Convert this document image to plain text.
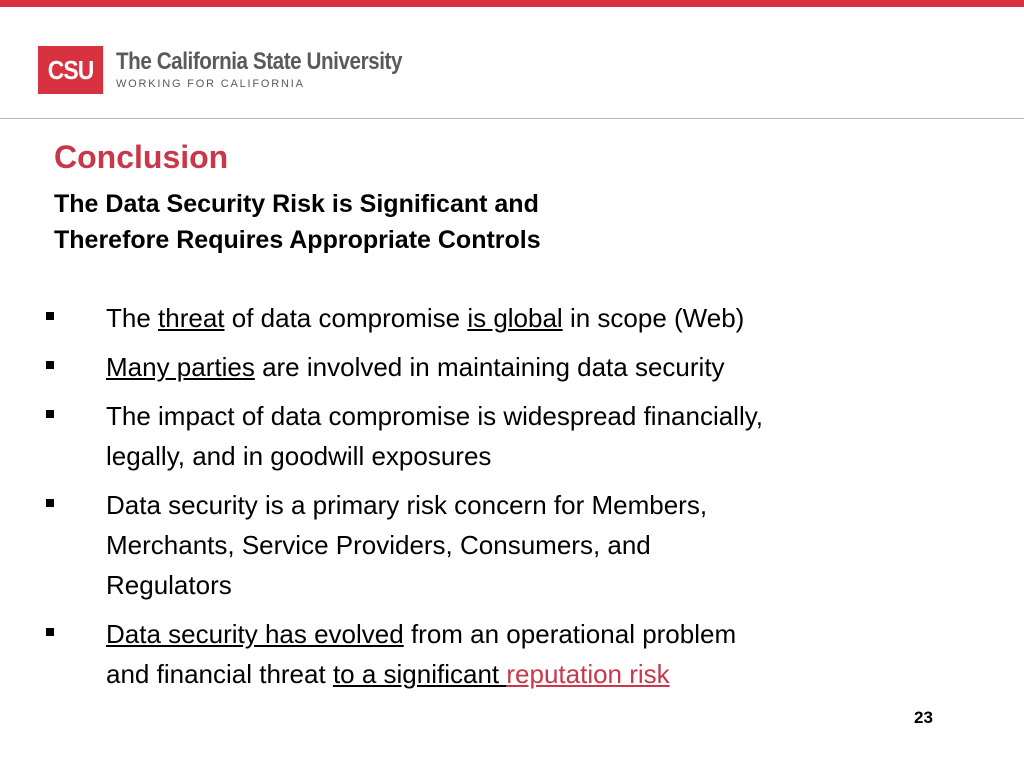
CSU The California State University
WORKING FOR CALIFORNIA
Conclusion
The Data Security Risk is Significant and
Therefore Requires Appropriate Controls
The threat of data compromise is global in scope (Web)
Many parties are involved in maintaining data security
The impact of data compromise is widespread financially,
legally, and in goodwill exposures
Data security is a primary risk concern for Members,
Merchants, Service Providers, Consumers, and
Regulators
Data security has evolved from an operational problem
and financial threat to a significant reputation risk
23
